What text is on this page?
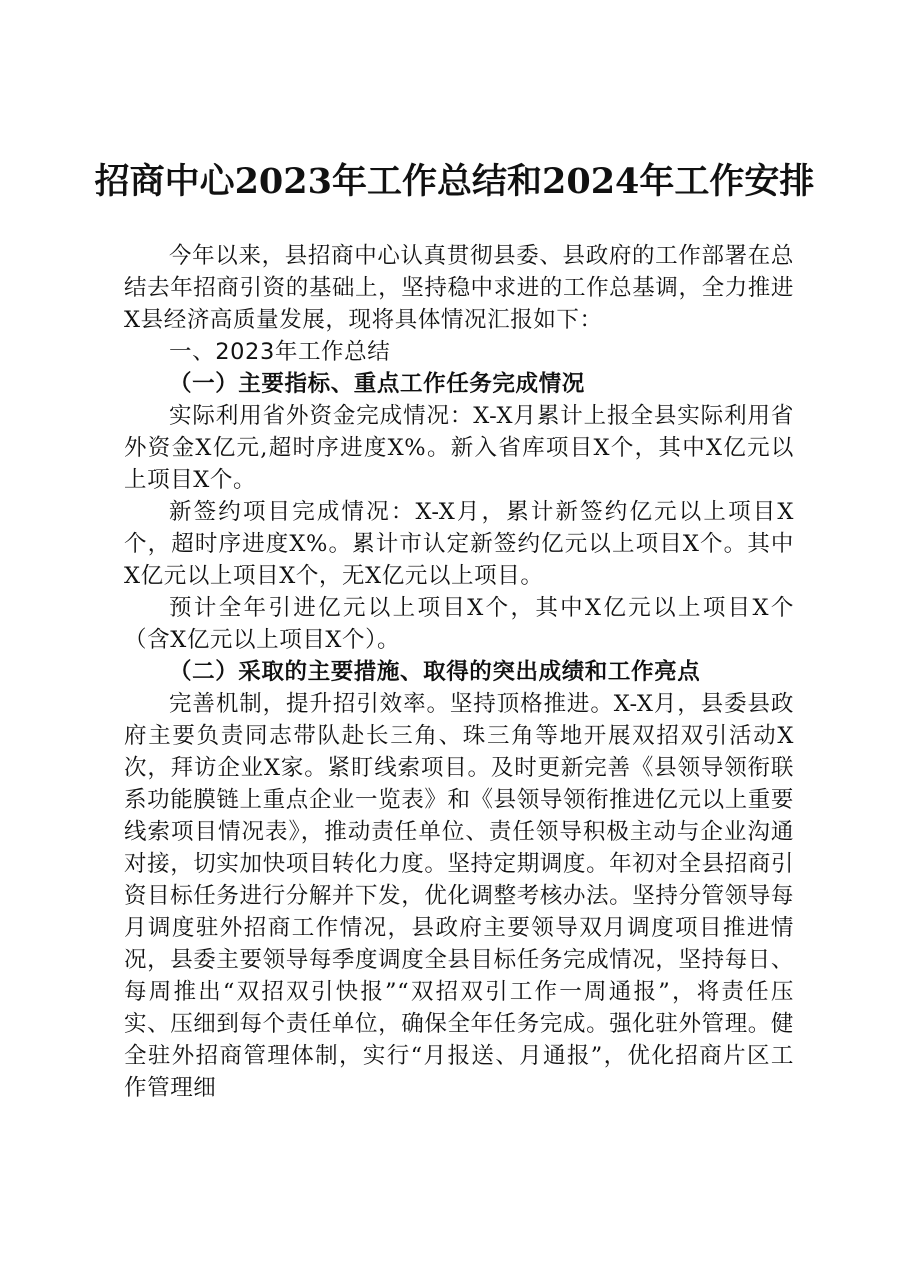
招商中心2023年工作总结和2024年工作安排

今年以来，县招商中心认真贯彻县委、县政府的工作部署在总结去年招商引资的基础上，坚持稳中求进的工作总基调，全力推进X县经济高质量发展，现将具体情况汇报如下：

一、2023年工作总结
（一）主要指标、重点工作任务完成情况

实际利用省外资金完成情况：X-X月累计上报全县实际利用省外资金X亿元,超时序进度X%。新入省库项目X个，其中X亿元以上项目X个。

新签约项目完成情况：X-X月，累计新签约亿元以上项目X个，超时序进度X%。累计市认定新签约亿元以上项目X个。其中X亿元以上项目X个，无X亿元以上项目。

预计全年引进亿元以上项目X个，其中X亿元以上项目X个（含X亿元以上项目X个）。

（二）采取的主要措施、取得的突出成绩和工作亮点

完善机制，提升招引效率。坚持顶格推进。X-X月，县委县政府主要负责同志带队赴长三角、珠三角等地开展双招双引活动X次，拜访企业X家。紧盯线索项目。及时更新完善《县领导领衔联系功能膜链上重点企业一览表》和《县领导领衔推进亿元以上重要线索项目情况表》，推动责任单位、责任领导积极主动与企业沟通对接，切实加快项目转化力度。坚持定期调度。年初对全县招商引资目标任务进行分解并下发，优化调整考核办法。坚持分管领导每月调度驻外招商工作情况，县政府主要领导双月调度项目推进情况，县委主要领导每季度调度全县目标任务完成情况，坚持每日、每周推出“双招双引快报”“双招双引工作一周通报”，将责任压实、压细到每个责任单位，确保全年任务完成。强化驻外管理。健全驻外招商管理体制，实行“月报送、月通报”，优化招商片区工作管理细
